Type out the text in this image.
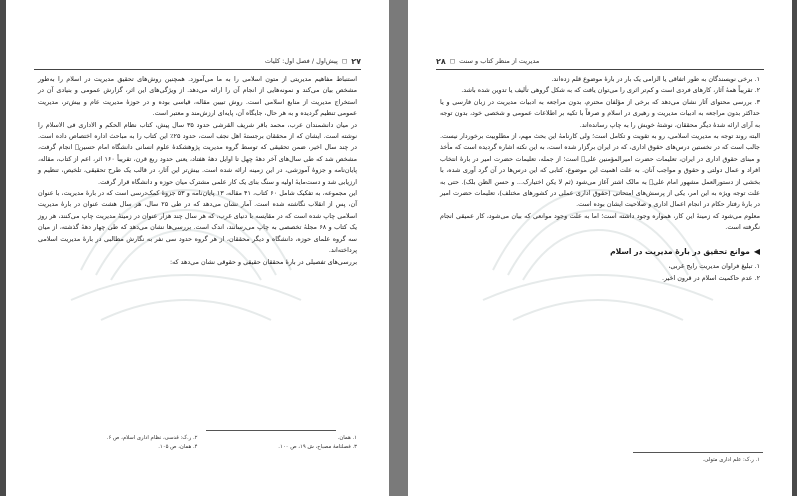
۲۷
◻
پیش‌اول / فصل اول: کلیات

استنباط مفاهیم مدیریتی از متون اسلامی را به ما می‌آموزد. همچنین روش‌های تحقیق مدیریت در اسلام را به‌طور مشخص بیان می‌کند و نمونه‌هایی از انجام آن را ارائه می‌دهد. از ویژگی‌های این اثر، گزارش عمومی و بنیادی آن در استخراج مدیریت از منابع اسلامی است. روش تبیین مقاله، قیاسی بوده و در حوزهٔ مدیریت عام و بیش‌تر، مدیریت عمومی تنظیم گردیده و به هر حال، جایگاه آن، پایه‌ای ارزش‌مند و معتبر است.

در میان دانشمندان عرب، محمد باقر شریف القرشی حدود ۳۵ سال پیش، کتاب نظام الحکم و الاداری فی الاسلام را نوشته است. ایشان که از محققان برجستهٔ اهل نجف است، حدود ۲۵٪ این کتاب را به مباحث اداره اختصاص داده است. در چند سال اخیر، ضمن تحقیقی که توسط گروه مدیریت پژوهشکدهٔ علوم انسانی دانشگاه امام حسین﷣ انجام گرفت، مشخص شد که طی سال‌های آخر دههٔ چهل تا اوایل دههٔ هفتاد، یعنی حدود ربع قرن، تقریباً ۱۶۰ اثر، اعم از کتاب، مقاله، پایان‌نامه و جزوهٔ آموزشی، در این زمینه ارائه شده است. بیش‌تر این آثار، در قالب یک طرح تحقیقی، تلخیص، تنظیم و ارزیابی شد و دست‌مایهٔ اولیه و سنگ بنای یک کار علمی مشترک میان حوزه و دانشگاه قرار گرفت.

این مجموعه، به تفکیک شامل ۶۰ کتاب، ۴۱ مقاله، ۱۳ پایان‌نامه و ۵۳ جزوهٔ کمک‌درسی است که در بارهٔ مدیریت، با عنوان آن، پس از انقلاب نگاشته شده است. آمار نشان می‌دهد که در طی ۲۵ سال، هر سال هشت عنوان در بارهٔ مدیریت اسلامی چاپ شده است که در مقایسه با دنیای غرب، که هر سال چند هزار عنوان در زمینهٔ مدیریت چاپ می‌کنند، هر روز یک کتاب و ۶۸ مجلهٔ تخصصی به چاپ می‌رسانند، اندک است. بررسی‌ها نشان می‌دهد که طی چهار دههٔ گذشته، از میان سه گروه علمای حوزه، دانشگاه و دیگر محققان، از هر گروه حدود سی نفر به نگارش مطالبی در بارهٔ مدیریت اسلامی پرداخته‌اند.

بررسی‌های تفصیلی در بارهٔ محققان حقیقی و حقوقی نشان می‌دهد که:

۱. همان.
۲. ر.ک: قدسی، نظام اداری اسلام، ص ۶.
۳. فصلنامهٔ مصباح، ش ۱۹، ص ۱۰۰.
۴. همان، ص ۱۰۵.
مدیریت از منظر کتاب و سنت
◻
۲۸

۱. برخی نویسندگان به طور اتفاقی یا الزامی یک بار در بارهٔ موضوع قلم زده‌اند.

۲. تقریباً همهٔ آثار، کارهای فردی است و کم‌تر اثری را می‌توان یافت که به شکل گروهی تألیف یا تدوین شده باشد.

۳. بررسی محتوای آثار نشان می‌دهد که برخی از مؤلفان محترم، بدون مراجعه به ادبیات مدیریت در زبان فارسی و یا حداکثر بدون مراجعه به ادبیات مدیریت و رهبری در اسلام و صرفاً با تکیه بر اطلاعات عمومی و شخصی خود، بدون توجه به آرای ارائه شدهٔ دیگر محققان، نوشتهٔ خویش را به چاپ رسانده‌اند.

البته روند توجه به مدیریت اسلامی، رو به تقویت و تکامل است؛ ولی کارنامهٔ این بحث مهم، از مطلوبیت برخوردار نیست. جالب است که در نخستین درس‌های حقوق اداری، که در ایران برگزار شده است، به این نکته اشاره گردیده است که مأخذ و مبنای حقوق اداری در ایران، تعلیمات حضرت امیرالمؤمنین علی﷣ است؛ از جمله، تعلیمات حضرت امیر در بارهٔ انتخاب افراد و عمال دولتی و حقوق و مواجب آنان. به علت اهمیت این موضوع، کتابی که این درس‌ها در آن گرد آوری شده، با بخشی از دستورالعمل مشهور امام علی﷣ به مالک اشتر آغاز می‌شود (ثم لا یکن اختیارک... و حسن الظن بلک). حتی به علت توجه ویژه به این امر، یکی از پرسش‌های امتحانی (حقوق اداری عملی در کشورهای مختلف)، تعلیمات حضرت امیر در بارهٔ رفتار حکام در انجام اعمال اداری و صلاحیت ایشان بوده است.

معلوم می‌شود که زمینهٔ این کار، همواره وجود داشته است؛ اما به علت وجود موانعی که بیان می‌شود، کار عمیقی انجام نگرفته است.

◀
موانع تحقیق در بارهٔ مدیریت در اسلام

۱. تبلیغ فراوان مدیریت رایج غربی،

۲. عدم حاکمیت اسلام در قرون اخیر.

۱. ر.ک: علم اداری متولی.
